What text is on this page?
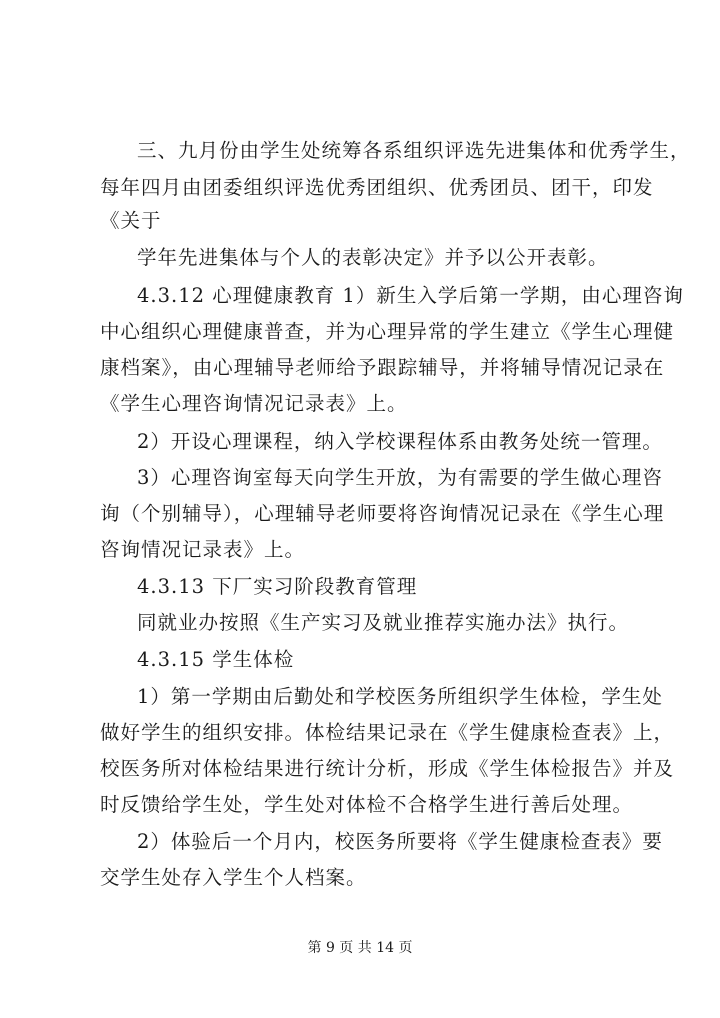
三、九月份由学生处统筹各系组织评选先进集体和优秀学生，
每年四月由团委组织评选优秀团组织、优秀团员、团干，印发
《关于
学年先进集体与个人的表彰决定》并予以公开表彰。
4.3.12 心理健康教育 1）新生入学后第一学期，由心理咨询
中心组织心理健康普查，并为心理异常的学生建立《学生心理健
康档案》，由心理辅导老师给予跟踪辅导，并将辅导情况记录在
《学生心理咨询情况记录表》上。
2）开设心理课程，纳入学校课程体系由教务处统一管理。
3）心理咨询室每天向学生开放，为有需要的学生做心理咨
询（个别辅导），心理辅导老师要将咨询情况记录在《学生心理
咨询情况记录表》上。
4.3.13 下厂实习阶段教育管理
同就业办按照《生产实习及就业推荐实施办法》执行。
4.3.15 学生体检
1）第一学期由后勤处和学校医务所组织学生体检，学生处
做好学生的组织安排。体检结果记录在《学生健康检查表》上，
校医务所对体检结果进行统计分析，形成《学生体检报告》并及
时反馈给学生处，学生处对体检不合格学生进行善后处理。
2）体验后一个月内，校医务所要将《学生健康检查表》要
交学生处存入学生个人档案。
第 9 页 共 14 页
